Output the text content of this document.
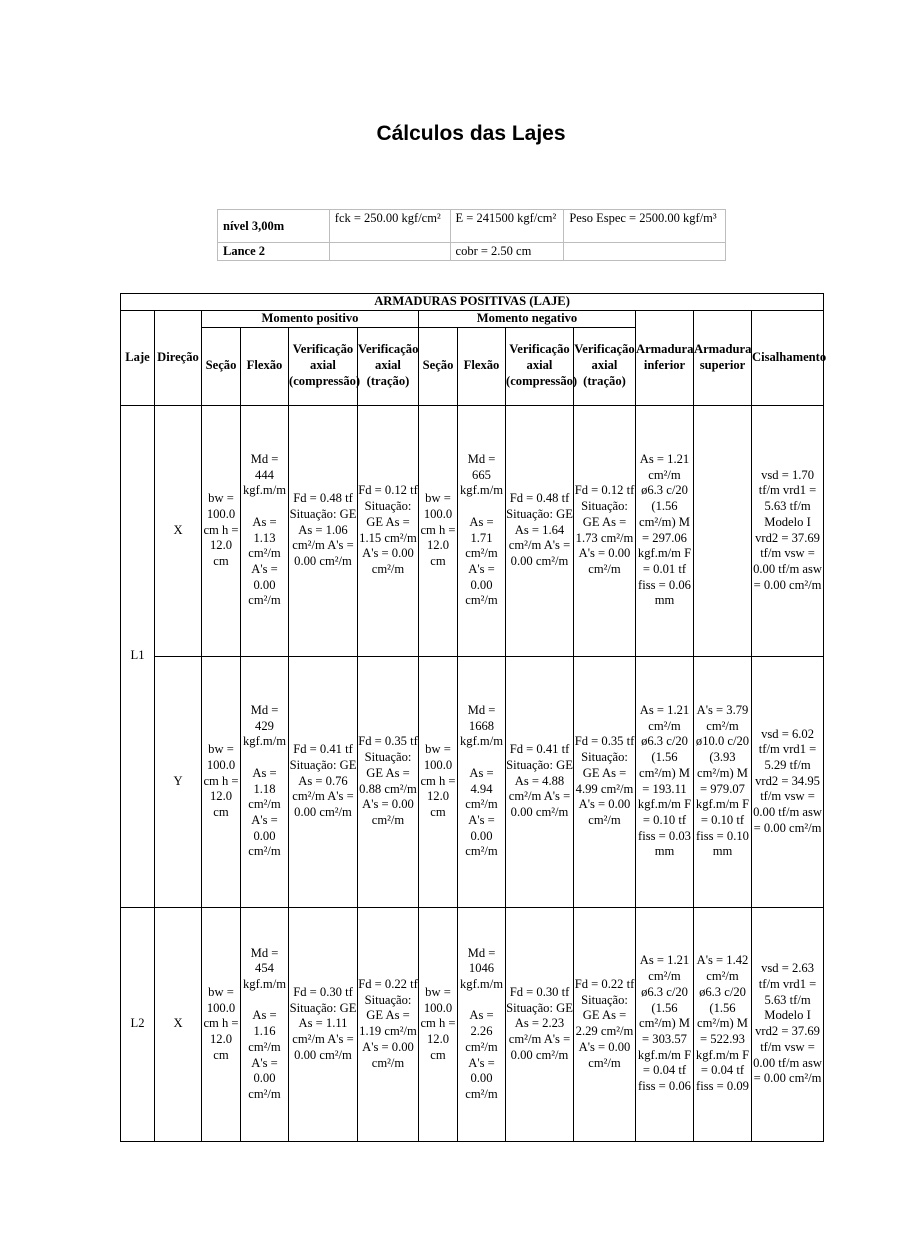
Cálculos das Lajes
nível 3,00m	fck = 250.00 kgf/cm²	E = 241500 kgf/cm²	Peso Espec = 2500.00 kgf/m³
Lance 2		cobr = 2.50 cm	
ARMADURAS POSITIVAS (LAJE)												
Laje	Direção	Momento positivo				Momento negativo				Armadura inferior	Armadura superior	Cisalhamento
		Seção	Flexão	Verificação axial (compressão)	Verificação axial (tração)	Seção	Flexão	Verificação axial (compressão)	Verificação axial (tração)			
L1	X	bw = 100.0 cm h = 12.0 cm	Md = 444 kgf.m/m

As = 1.13 cm²/m A's = 0.00 cm²/m	Fd = 0.48 tf Situação: GE As = 1.06 cm²/m A's = 0.00 cm²/m	Fd = 0.12 tf Situação: GE As = 1.15 cm²/m A's = 0.00 cm²/m	bw = 100.0 cm h = 12.0 cm	Md = 665 kgf.m/m

As = 1.71 cm²/m A's = 0.00 cm²/m	Fd = 0.48 tf Situação: GE As = 1.64 cm²/m A's = 0.00 cm²/m	Fd = 0.12 tf Situação: GE As = 1.73 cm²/m A's = 0.00 cm²/m	As = 1.21 cm²/m ø6.3 c/20 (1.56 cm²/m) M = 297.06 kgf.m/m F = 0.01 tf fiss = 0.06 mm		vsd = 1.70 tf/m vrd1 = 5.63 tf/m Modelo I vrd2 = 37.69 tf/m vsw = 0.00 tf/m asw = 0.00 cm²/m
	Y	bw = 100.0 cm h = 12.0 cm	Md = 429 kgf.m/m

As = 1.18 cm²/m A's = 0.00 cm²/m	Fd = 0.41 tf Situação: GE As = 0.76 cm²/m A's = 0.00 cm²/m	Fd = 0.35 tf Situação: GE As = 0.88 cm²/m A's = 0.00 cm²/m	bw = 100.0 cm h = 12.0 cm	Md = 1668 kgf.m/m

As = 4.94 cm²/m A's = 0.00 cm²/m	Fd = 0.41 tf Situação: GE As = 4.88 cm²/m A's = 0.00 cm²/m	Fd = 0.35 tf Situação: GE As = 4.99 cm²/m A's = 0.00 cm²/m	As = 1.21 cm²/m ø6.3 c/20 (1.56 cm²/m) M = 193.11 kgf.m/m F = 0.10 tf fiss = 0.03 mm	A's = 3.79 cm²/m ø10.0 c/20 (3.93 cm²/m) M = 979.07 kgf.m/m F = 0.10 tf fiss = 0.10 mm	vsd = 6.02 tf/m vrd1 = 5.29 tf/m vrd2 = 34.95 tf/m vsw = 0.00 tf/m asw = 0.00 cm²/m
L2	X	bw = 100.0 cm h = 12.0 cm	Md = 454 kgf.m/m

As = 1.16 cm²/m A's = 0.00 cm²/m	Fd = 0.30 tf Situação: GE As = 1.11 cm²/m A's = 0.00 cm²/m	Fd = 0.22 tf Situação: GE As = 1.19 cm²/m A's = 0.00 cm²/m	bw = 100.0 cm h = 12.0 cm	Md = 1046 kgf.m/m

As = 2.26 cm²/m A's = 0.00 cm²/m	Fd = 0.30 tf Situação: GE As = 2.23 cm²/m A's = 0.00 cm²/m	Fd = 0.22 tf Situação: GE As = 2.29 cm²/m A's = 0.00 cm²/m	As = 1.21 cm²/m ø6.3 c/20 (1.56 cm²/m) M = 303.57 kgf.m/m F = 0.04 tf fiss = 0.06	A's = 1.42 cm²/m ø6.3 c/20 (1.56 cm²/m) M = 522.93 kgf.m/m F = 0.04 tf fiss = 0.09	vsd = 2.63 tf/m vrd1 = 5.63 tf/m Modelo I vrd2 = 37.69 tf/m vsw = 0.00 tf/m asw = 0.00 cm²/m
